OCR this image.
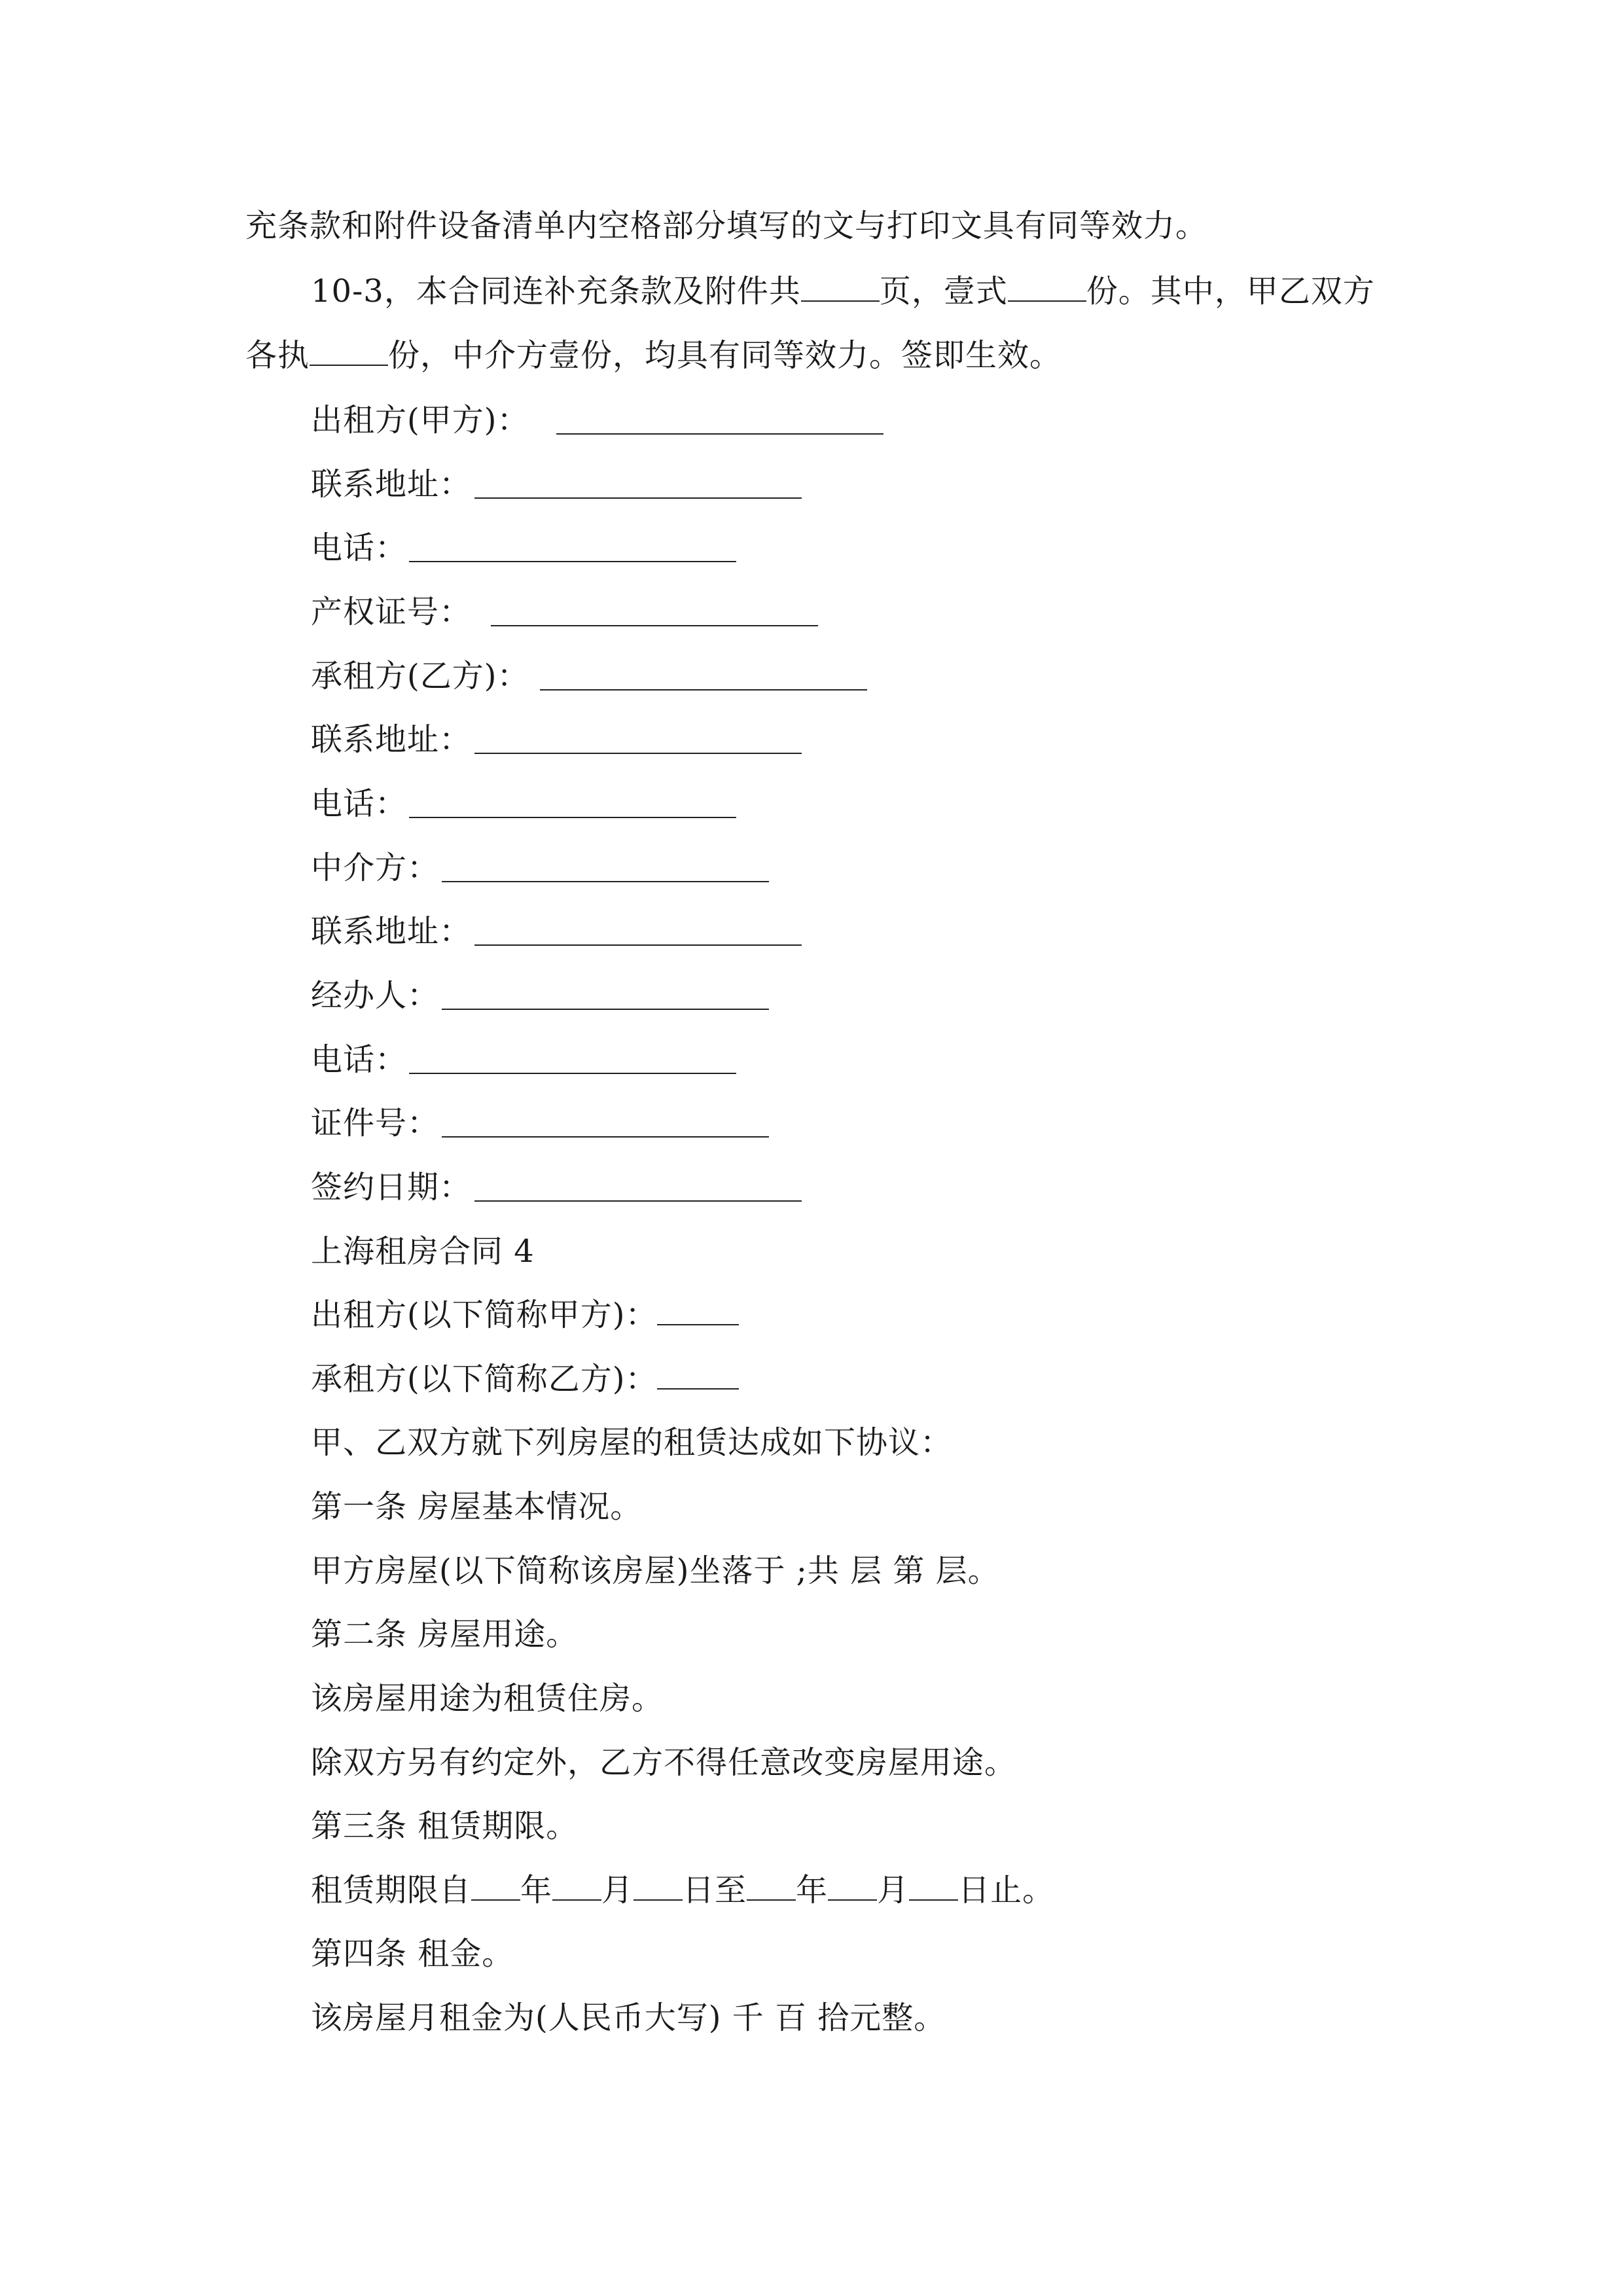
充条款和附件设备清单内空格部分填写的文与打印文具有同等效力。
10-3，本合同连补充条款及附件共	页，壹式	份。其中，甲乙双方
各执	份，中介方壹份，均具有同等效力。签即生效。
出租方(甲方)：
联系地址：
电话：
产权证号：
承租方(乙方)：
联系地址：
电话：
中介方：
联系地址：
经办人：
电话：
证件号：
签约日期：
上海租房合同 4
出租方(以下简称甲方)：
承租方(以下简称乙方)：
甲、乙双方就下列房屋的租赁达成如下协议：
第一条 房屋基本情况。
甲方房屋(以下简称该房屋)坐落于 ;共 层 第 层。
第二条 房屋用途。
该房屋用途为租赁住房。
除双方另有约定外，乙方不得任意改变房屋用途。
第三条 租赁期限。
租赁期限自 年 月 日至 年 月 日止。
第四条 租金。
该房屋月租金为(人民币大写) 千 百 拾元整。
